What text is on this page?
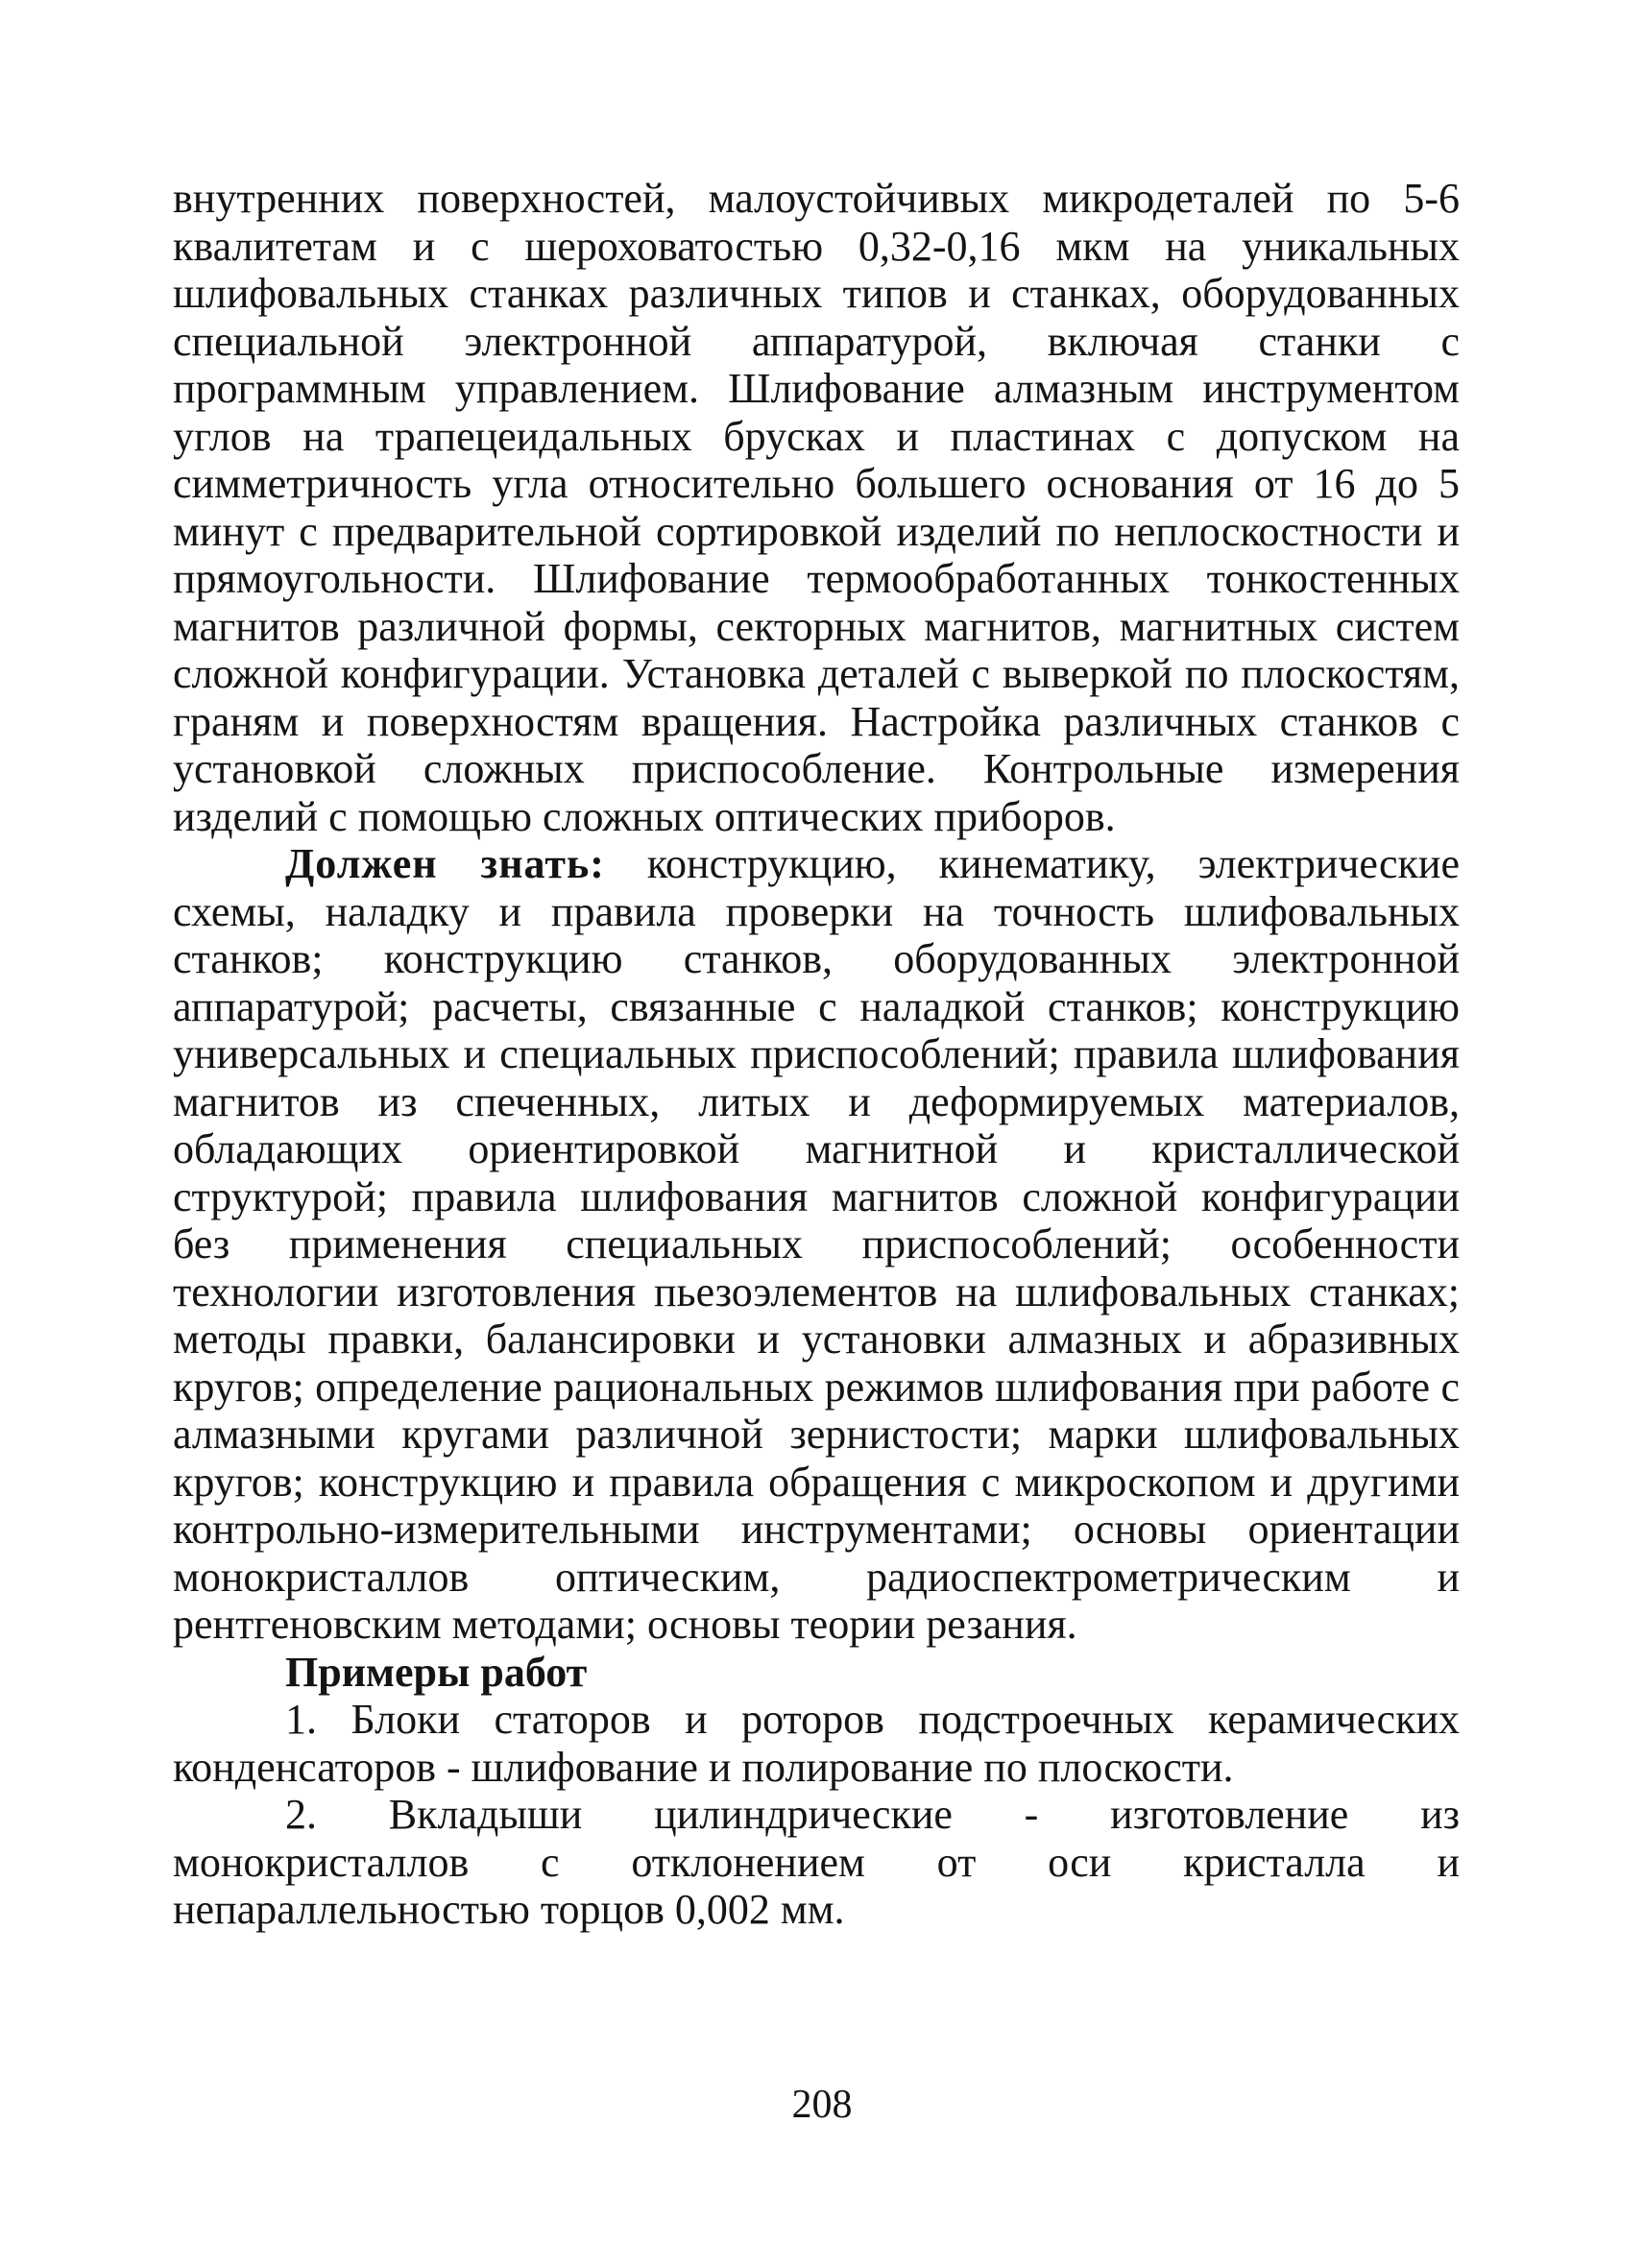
внутренних поверхностей, малоустойчивых микродеталей по 5-6 квалитетам и с шероховатостью 0,32-0,16 мкм на уникальных шлифовальных станках различных типов и станках, оборудованных специальной электронной аппаратурой, включая станки с программным управлением. Шлифование алмазным инструментом углов на трапецеидальных брусках и пластинах с допуском на симметричность угла относительно большего основания от 16 до 5 минут с предварительной сортировкой изделий по неплоскостности и прямоугольности. Шлифование термообработанных тонкостенных магнитов различной формы, секторных магнитов, магнитных систем сложной конфигурации. Установка деталей с выверкой по плоскостям, граням и поверхностям вращения. Настройка различных станков с установкой сложных приспособление. Контрольные измерения изделий с помощью сложных оптических приборов.

Должен знать: конструкцию, кинематику, электрические схемы, наладку и правила проверки на точность шлифовальных станков; конструкцию станков, оборудованных электронной аппаратурой; расчеты, связанные с наладкой станков; конструкцию универсальных и специальных приспособлений; правила шлифования магнитов из спеченных, литых и деформируемых материалов, обладающих ориентировкой магнитной и кристаллической структурой; правила шлифования магнитов сложной конфигурации без применения специальных приспособлений; особенности технологии изготовления пьезоэлементов на шлифовальных станках; методы правки, балансировки и установки алмазных и абразивных кругов; определение рациональных режимов шлифования при работе с алмазными кругами различной зернистости; марки шлифовальных кругов; конструкцию и правила обращения с микроскопом и другими контрольно-измерительными инструментами; основы ориентации монокристаллов оптическим, радиоспектрометрическим и рентгеновским методами; основы теории резания.

Примеры работ

1. Блоки статоров и роторов подстроечных керамических конденсаторов - шлифование и полирование по плоскости.

2. Вкладыши цилиндрические - изготовление из монокристаллов с отклонением от оси кристалла и непараллельностью торцов 0,002 мм.

208
